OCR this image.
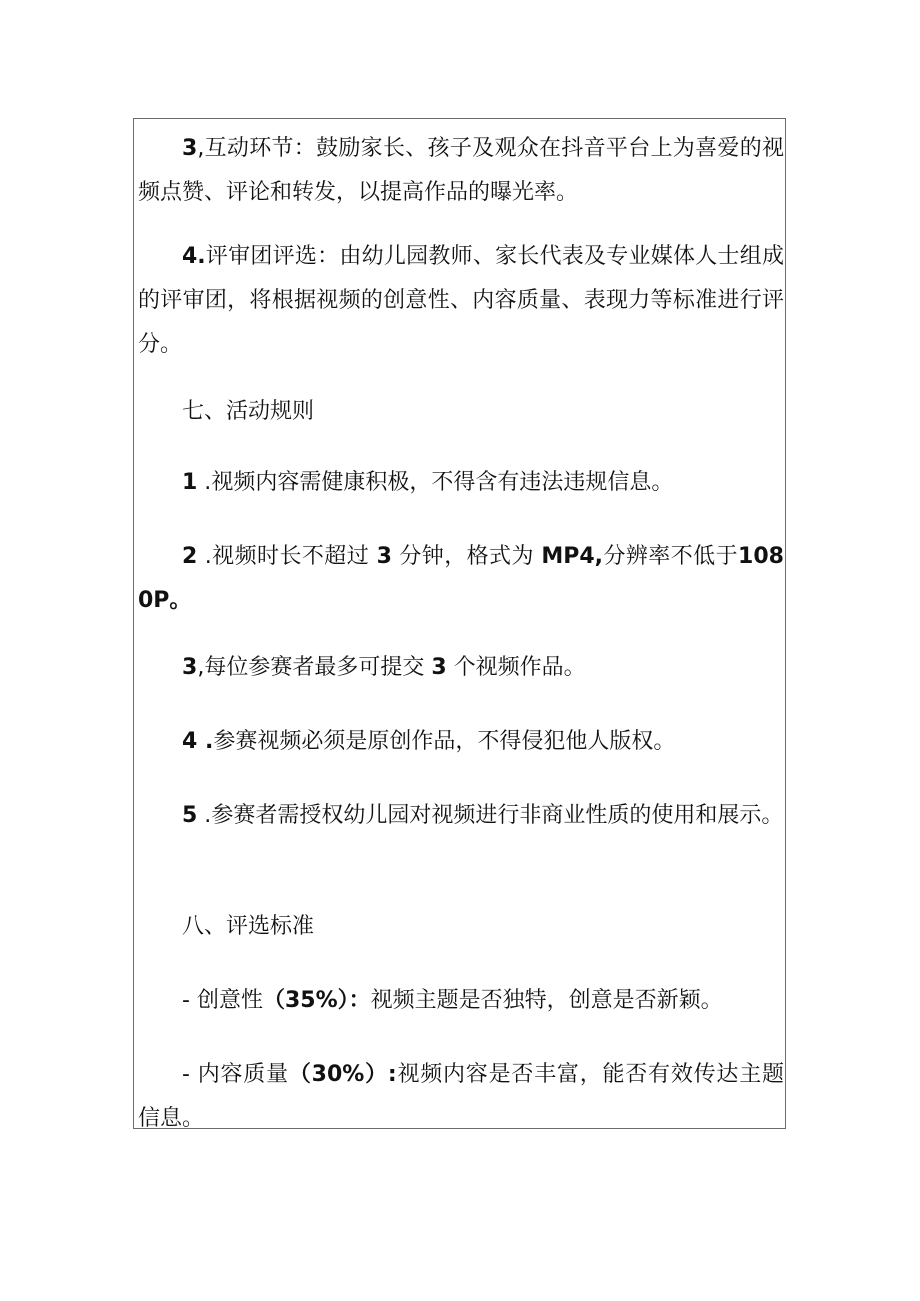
3,互动环节：鼓励家长、孩子及观众在抖音平台上为喜爱的视频点赞、评论和转发，以提高作品的曝光率。

4.评审团评选：由幼儿园教师、家长代表及专业媒体人士组成的评审团，将根据视频的创意性、内容质量、表现力等标准进行评分。

七、活动规则

1 .视频内容需健康积极，不得含有违法违规信息。

2 .视频时长不超过 3 分钟，格式为 MP4,分辨率不低于1080P。

3,每位参赛者最多可提交 3 个视频作品。

4 .参赛视频必须是原创作品，不得侵犯他人版权。

5 .参赛者需授权幼儿园对视频进行非商业性质的使用和展示。

八、评选标准

- 创意性（35%）：视频主题是否独特，创意是否新颖。

- 内容质量（30%）:视频内容是否丰富，能否有效传达主题信息。
